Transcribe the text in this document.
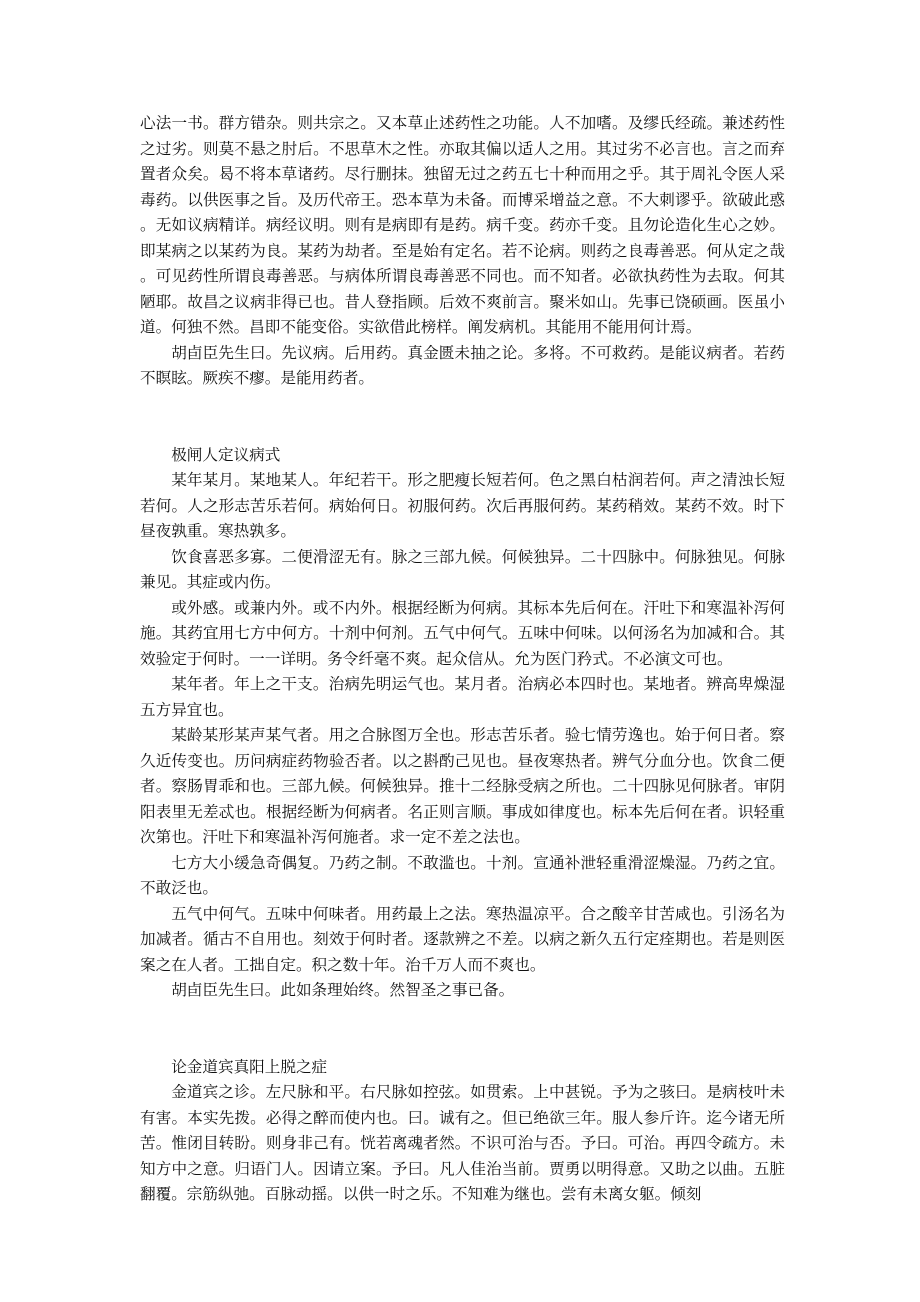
心法一书。群方错杂。则共宗之。又本草止述药性之功能。人不加嗜。及缪氏经疏。兼述药性之过劣。则莫不悬之肘后。不思草木之性。亦取其偏以适人之用。其过劣不必言也。言之而弃置者众矣。曷不将本草诸药。尽行删抹。独留无过之药五七十种而用之乎。其于周礼令医人采毒药。以供医事之旨。及历代帝王。恐本草为未备。而博采增益之意。不大刺谬乎。欲破此惑。无如议病精详。病经议明。则有是病即有是药。病千变。药亦千变。且勿论造化生心之妙。即某病之以某药为良。某药为劫者。至是始有定名。若不论病。则药之良毒善恶。何从定之哉。可见药性所谓良毒善恶。与病体所谓良毒善恶不同也。而不知者。必欲执药性为去取。何其陋耶。故昌之议病非得已也。昔人登指顾。后效不爽前言。聚米如山。先事已饶硕画。医虽小道。何独不然。昌即不能变俗。实欲借此榜样。阐发病机。其能用不能用何计焉。

胡卣臣先生曰。先议病。后用药。真金匮未抽之论。多将。不可救药。是能议病者。若药不瞑眩。厥疾不瘳。是能用药者。

极闸人定议病式

某年某月。某地某人。年纪若干。形之肥瘦长短若何。色之黑白枯润若何。声之清浊长短若何。人之形志苦乐若何。病始何日。初服何药。次后再服何药。某药稍效。某药不效。时下昼夜孰重。寒热孰多。

饮食喜恶多寡。二便滑涩无有。脉之三部九候。何候独异。二十四脉中。何脉独见。何脉兼见。其症或内伤。

或外感。或兼内外。或不内外。根据经断为何病。其标本先后何在。汗吐下和寒温补泻何施。其药宜用七方中何方。十剂中何剂。五气中何气。五味中何味。以何汤名为加减和合。其效验定于何时。一一详明。务令纤毫不爽。起众信从。允为医门矜式。不必演文可也。

某年者。年上之干支。治病先明运气也。某月者。治病必本四时也。某地者。辨高卑燥湿五方异宜也。

某龄某形某声某气者。用之合脉图万全也。形志苦乐者。验七情劳逸也。始于何日者。察久近传变也。历问病症药物验否者。以之斟酌己见也。昼夜寒热者。辨气分血分也。饮食二便者。察肠胃乖和也。三部九候。何候独异。推十二经脉受病之所也。二十四脉见何脉者。审阴阳表里无差忒也。根据经断为何病者。名正则言顺。事成如律度也。标本先后何在者。识轻重次第也。汗吐下和寒温补泻何施者。求一定不差之法也。

七方大小缓急奇偶复。乃药之制。不敢滥也。十剂。宣通补泄轻重滑涩燥湿。乃药之宜。不敢泛也。

五气中何气。五味中何味者。用药最上之法。寒热温凉平。合之酸辛甘苦咸也。引汤名为加减者。循古不自用也。刻效于何时者。逐款辨之不差。以病之新久五行定痊期也。若是则医案之在人者。工拙自定。积之数十年。治千万人而不爽也。

胡卣臣先生曰。此如条理始终。然智圣之事已备。

论金道宾真阳上脱之症

金道宾之诊。左尺脉和平。右尺脉如控弦。如贯索。上中甚锐。予为之骇曰。是病枝叶未有害。本实先拨。必得之醉而使内也。曰。诚有之。但已绝欲三年。服人参斤许。迄今诸无所苦。惟闭目转盼。则身非己有。恍若离魂者然。不识可治与否。予曰。可治。再四令疏方。未知方中之意。归语门人。因请立案。予曰。凡人佳治当前。贾勇以明得意。又助之以曲。五脏翻覆。宗筋纵弛。百脉动摇。以供一时之乐。不知难为继也。尝有未离女躯。倾刻
